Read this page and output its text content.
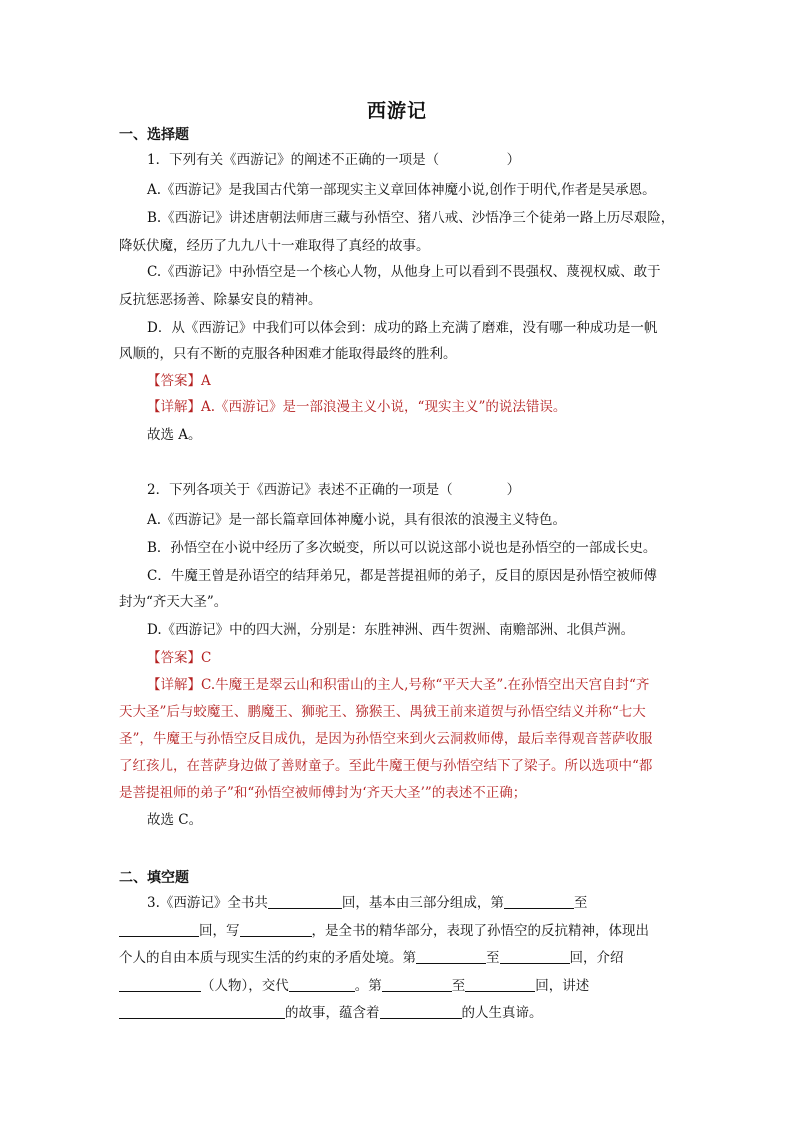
西游记
一、选择题
1．下列有关《西游记》的阐述不正确的一项是（　　　　　）
A.《西游记》是我国古代第一部现实主义章回体神魔小说,创作于明代,作者是吴承恩。
B.《西游记》讲述唐朝法师唐三藏与孙悟空、猪八戒、沙悟净三个徒弟一路上历尽艰险，
降妖伏魔，经历了九九八十一难取得了真经的故事。
C.《西游记》中孙悟空是一个核心人物，从他身上可以看到不畏强权、蔑视权威、敢于
反抗惩恶扬善、除暴安良的精神。
D．从《西游记》中我们可以体会到：成功的路上充满了磨难，没有哪一种成功是一帆
风顺的，只有不断的克服各种困难才能取得最终的胜利。
【答案】A
【详解】A.《西游记》是一部浪漫主义小说，“现实主义”的说法错误。
故选 A。
2．下列各项关于《西游记》表述不正确的一项是（　　　　）
A.《西游记》是一部长篇章回体神魔小说，具有很浓的浪漫主义特色。
B．孙悟空在小说中经历了多次蜕变，所以可以说这部小说也是孙悟空的一部成长史。
C．牛魔王曾是孙语空的结拜弟兄，都是菩提祖师的弟子，反目的原因是孙悟空被师傅
封为“齐天大圣”。
D.《西游记》中的四大洲，分别是：东胜神洲、西牛贺洲、南赡部洲、北俱芦洲。
【答案】C
【详解】C.牛魔王是翠云山和积雷山的主人,号称“平天大圣”.在孙悟空出天宫自封“齐
天大圣”后与蛟魔王、鹏魔王、狮驼王、猕猴王、禺狨王前来道贺与孙悟空结义并称“七大
圣”，牛魔王与孙悟空反目成仇，是因为孙悟空来到火云洞救师傅，最后幸得观音菩萨收服
了红孩儿，在菩萨身边做了善财童子。至此牛魔王便与孙悟空结下了梁子。所以选项中“都
是菩提祖师的弟子”和“孙悟空被师傅封为‘齐天大圣’”的表述不正确；
故选 C。
二、填空题
3.《西游记》全书共	回，基本由三部分组成，第	至
回，写	，是全书的精华部分，表现了孙悟空的反抗精神，体现出
个人的自由本质与现实生活的约束的矛盾处境。第	至	回，介绍
（人物），交代	。第	至	回，讲述
的故事，蕴含着	的人生真谛。
